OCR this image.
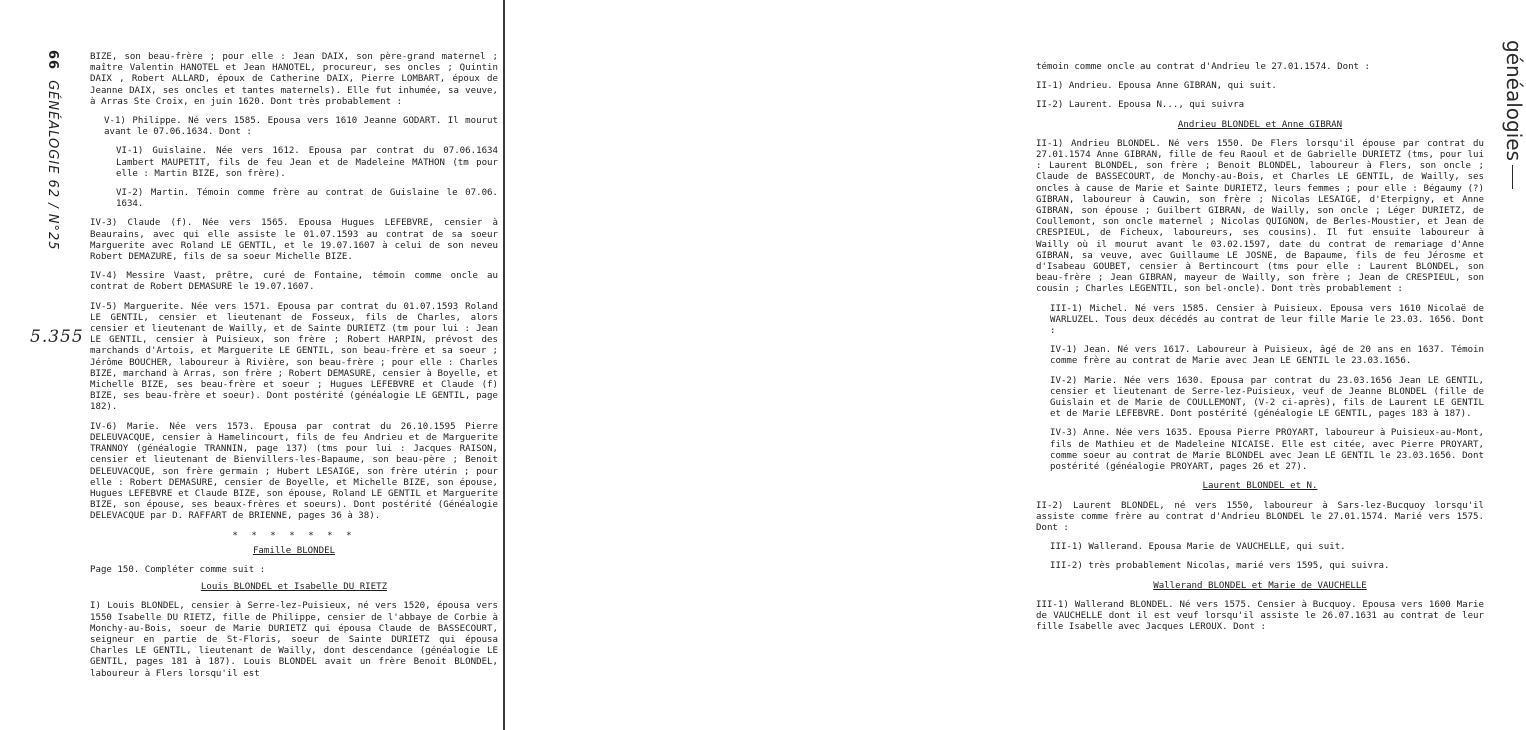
66GÉNÉALOGIE 62 / N°25
5.355

BIZE, son beau-frère ; pour elle : Jean DAIX, son père-grand maternel ; maître Valentin HANOTEL et Jean HANOTEL, procureur, ses oncles ; Quintin DAIX , Robert ALLARD, époux de Catherine DAIX, Pierre LOMBART, époux de Jeanne DAIX, ses oncles et tantes maternels). Elle fut inhumée, sa veuve, à Arras Ste Croix, en juin 1620. Dont très probablement :

V-1) Philippe. Né vers 1585. Epousa vers 1610 Jeanne GODART. Il mourut avant le 07.06.1634. Dont :

VI-1) Guislaine. Née vers 1612. Epousa par contrat du 07.06.1634 Lambert MAUPETIT, fils de feu Jean et de Madeleine MATHON (tm pour elle : Martin BIZE, son frère).

VI-2) Martin. Témoin comme frère au contrat de Guislaine le 07.06. 1634.

IV-3) Claude (f). Née vers 1565. Epousa Hugues LEFEBVRE, censier à Beaurains, avec qui elle assiste le 01.07.1593 au contrat de sa soeur Marguerite avec Roland LE GENTIL, et le 19.07.1607 à celui de son neveu Robert DEMAZURE, fils de sa soeur Michelle BIZE.

IV-4) Messire Vaast, prêtre, curé de Fontaine, témoin comme oncle au contrat de Robert DEMASURE le 19.07.1607.

IV-5) Marguerite. Née vers 1571. Epousa par contrat du 01.07.1593 Roland LE GENTIL, censier et lieutenant de Fosseux, fils de Charles, alors censier et lieutenant de Wailly, et de Sainte DURIETZ (tm pour lui : Jean LE GENTIL, censier à Puisieux, son frère ; Robert HARPIN, prévost des marchands d'Artois, et Marguerite LE GENTIL, son beau-frère et sa soeur ; Jérôme BOUCHER, laboureur à Rivière, son beau-frère ; pour elle : Charles BIZE, marchand à Arras, son frère ; Robert DEMASURE, censier à Boyelle, et Michelle BIZE, ses beau-frère et soeur ; Hugues LEFEBVRE et Claude (f) BIZE, ses beau-frère et soeur). Dont postérité (généalogie LE GENTIL, page 182).

IV-6) Marie. Née vers 1573. Epousa par contrat du 26.10.1595 Pierre DELEUVACQUE, censier à Hamelincourt, fils de feu Andrieu et de Marguerite TRANNOY (généalogie TRANNIN, page 137) (tms pour lui : Jacques RAISON, censier et lieutenant de Bienvillers-les-Bapaume, son beau-père ; Benoit DELEUVACQUE, son frère germain ; Hubert LESAIGE, son frère utérin ; pour elle : Robert DEMASURE, censier de Boyelle, et Michelle BIZE, son épouse, Hugues LEFEBVRE et Claude BIZE, son épouse, Roland LE GENTIL et Marguerite BIZE, son épouse, ses beaux-frères et soeurs). Dont postérité (Généalogie DELEVACQUE par D. RAFFART de BRIENNE, pages 36 à 38).

* * * * * * *
Famille BLONDEL
Page 150. Compléter comme suit :
Louis BLONDEL et Isabelle DU RIETZ

I) Louis BLONDEL, censier à Serre-lez-Puisieux, né vers 1520, épousa vers 1550 Isabelle DU RIETZ, fille de Philippe, censier de l'abbaye de Corbie à Monchy-au-Bois, soeur de Marie DURIETZ qui épousa Claude de BASSECOURT, seigneur en partie de St-Floris, soeur de Sainte DURIETZ qui épousa Charles LE GENTIL, lieutenant de Wailly, dont descendance (généalogie LE GENTIL, pages 181 à 187). Louis BLONDEL avait un frère Benoit BLONDEL, laboureur à Flers lorsqu'il est

généalogies

témoin comme oncle au contrat d'Andrieu le 27.01.1574. Dont :

II-1) Andrieu. Epousa Anne GIBRAN, qui suit.

II-2) Laurent. Epousa N..., qui suivra

Andrieu BLONDEL et Anne GIBRAN

II-1) Andrieu BLONDEL. Né vers 1550. De Flers lorsqu'il épouse par contrat du 27.01.1574 Anne GIBRAN, fille de feu Raoul et de Gabrielle DURIETZ (tms, pour lui : Laurent BLONDEL, son frère ; Benoit BLONDEL, laboureur à Flers, son oncle ; Claude de BASSECOURT, de Monchy-au-Bois, et Charles LE GENTIL, de Wailly, ses oncles à cause de Marie et Sainte DURIETZ, leurs femmes ; pour elle : Bégaumy (?) GIBRAN, laboureur à Cauwin, son frère ; Nicolas LESAIGE, d'Eterpigny, et Anne GIBRAN, son épouse ; Guilbert GIBRAN, de Wailly, son oncle ; Léger DURIETZ, de Coullemont, son oncle maternel ; Nicolas QUIGNON, de Berles-Moustier, et Jean de CRESPIEUL, de Ficheux, laboureurs, ses cousins). Il fut ensuite laboureur à Wailly où il mourut avant le 03.02.1597, date du contrat de remariage d'Anne GIBRAN, sa veuve, avec Guillaume LE JOSNE, de Bapaume, fils de feu Jérosme et d'Isabeau GOUBET, censier à Bertincourt (tms pour elle : Laurent BLONDEL, son beau-frère ; Jean GIBRAN, mayeur de Wailly, son frère ; Jean de CRESPIEUL, son cousin ; Charles LEGENTIL, son bel-oncle). Dont très probablement :

III-1) Michel. Né vers 1585. Censier à Puisieux. Epousa vers 1610 Nicolaë de WARLUZEL. Tous deux décédés au contrat de leur fille Marie le 23.03. 1656. Dont :

IV-1) Jean. Né vers 1617. Laboureur à Puisieux, âgé de 20 ans en 1637. Témoin comme frère au contrat de Marie avec Jean LE GENTIL le 23.03.1656.

IV-2) Marie. Née vers 1630. Epousa par contrat du 23.03.1656 Jean LE GENTIL, censier et lieutenant de Serre-lez-Puisieux, veuf de Jeanne BLONDEL (fille de Guislain et de Marie de COULLEMONT, (V-2 ci-après), fils de Laurent LE GENTIL et de Marie LEFEBVRE. Dont postérité (généalogie LE GENTIL, pages 183 à 187).

IV-3) Anne. Née vers 1635. Epousa Pierre PROYART, laboureur à Puisieux-au-Mont, fils de Mathieu et de Madeleine NICAISE. Elle est citée, avec Pierre PROYART, comme soeur au contrat de Marie BLONDEL avec Jean LE GENTIL le 23.03.1656. Dont postérité (généalogie PROYART, pages 26 et 27).

Laurent BLONDEL et N.

II-2) Laurent BLONDEL, né vers 1550, laboureur à Sars-lez-Bucquoy lorsqu'il assiste comme frère au contrat d'Andrieu BLONDEL le 27.01.1574. Marié vers 1575. Dont :

III-1) Wallerand. Epousa Marie de VAUCHELLE, qui suit.

III-2) très probablement Nicolas, marié vers 1595, qui suivra.

Wallerand BLONDEL et Marie de VAUCHELLE

III-1) Wallerand BLONDEL. Né vers 1575. Censier à Bucquoy. Epousa vers 1600 Marie de VAUCHELLE dont il est veuf lorsqu'il assiste le 26.07.1631 au contrat de leur fille Isabelle avec Jacques LEROUX. Dont :
